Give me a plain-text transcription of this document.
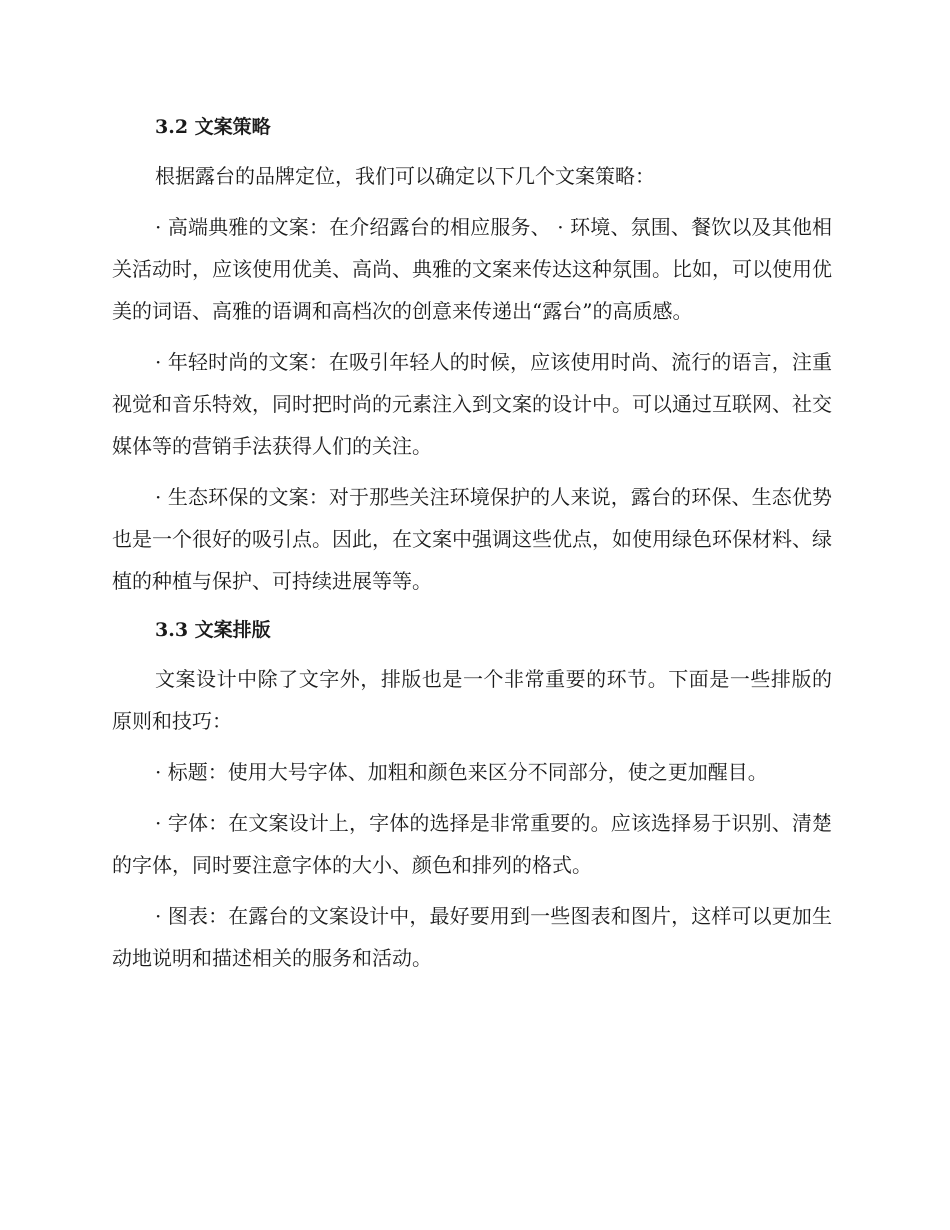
3.2 文案策略

根据露台的品牌定位，我们可以确定以下几个文案策略：

· 高端典雅的文案：在介绍露台的相应服务、 · 环境、氛围、餐饮以及其他相关活动时，应该使用优美、高尚、典雅的文案来传达这种氛围。比如，可以使用优美的词语、高雅的语调和高档次的创意来传递出“露台”的高质感。

· 年轻时尚的文案：在吸引年轻人的时候，应该使用时尚、流行的语言，注重视觉和音乐特效，同时把时尚的元素注入到文案的设计中。可以通过互联网、社交媒体等的营销手法获得人们的关注。

· 生态环保的文案：对于那些关注环境保护的人来说，露台的环保、生态优势也是一个很好的吸引点。因此，在文案中强调这些优点，如使用绿色环保材料、绿植的种植与保护、可持续进展等等。

3.3 文案排版

文案设计中除了文字外，排版也是一个非常重要的环节。下面是一些排版的原则和技巧：

· 标题：使用大号字体、加粗和颜色来区分不同部分，使之更加醒目。

· 字体：在文案设计上，字体的选择是非常重要的。应该选择易于识别、清楚的字体，同时要注意字体的大小、颜色和排列的格式。

· 图表：在露台的文案设计中，最好要用到一些图表和图片，这样可以更加生动地说明和描述相关的服务和活动。
